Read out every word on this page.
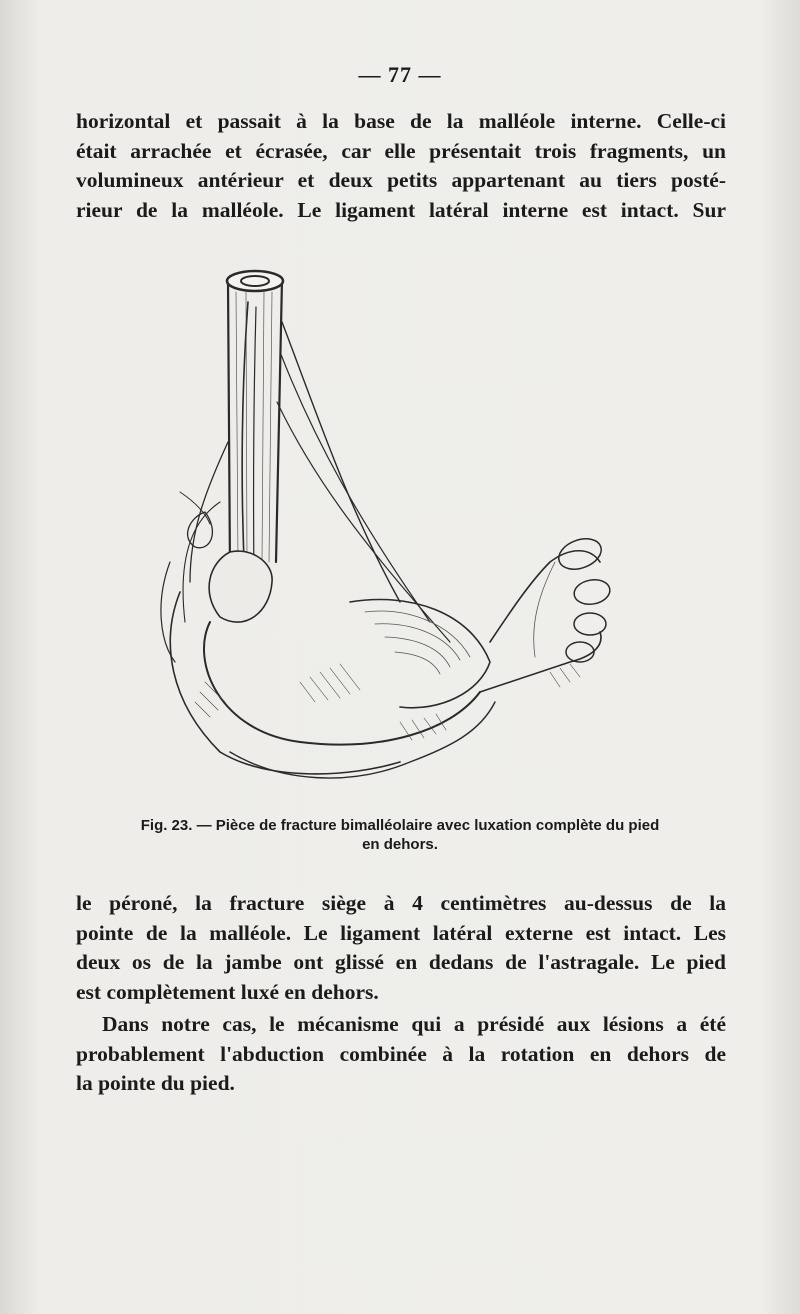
— 77 —
horizontal et passait à la base de la malléole interne. Celle-ci
était arrachée et écrasée, car elle présentait trois fragments, un
volumineux antérieur et deux petits appartenant au tiers posté-
rieur de la malléole. Le ligament latéral interne est intact. Sur
Fig. 23. — Pièce de fracture bimalléolaire avec luxation complète du pied
en dehors.
le péroné, la fracture siège à 4 centimètres au-dessus de la
pointe de la malléole. Le ligament latéral externe est intact. Les
deux os de la jambe ont glissé en dedans de l'astragale. Le pied
est complètement luxé en dehors.
Dans notre cas, le mécanisme qui a présidé aux lésions a été
probablement l'abduction combinée à la rotation en dehors de
la pointe du pied.
